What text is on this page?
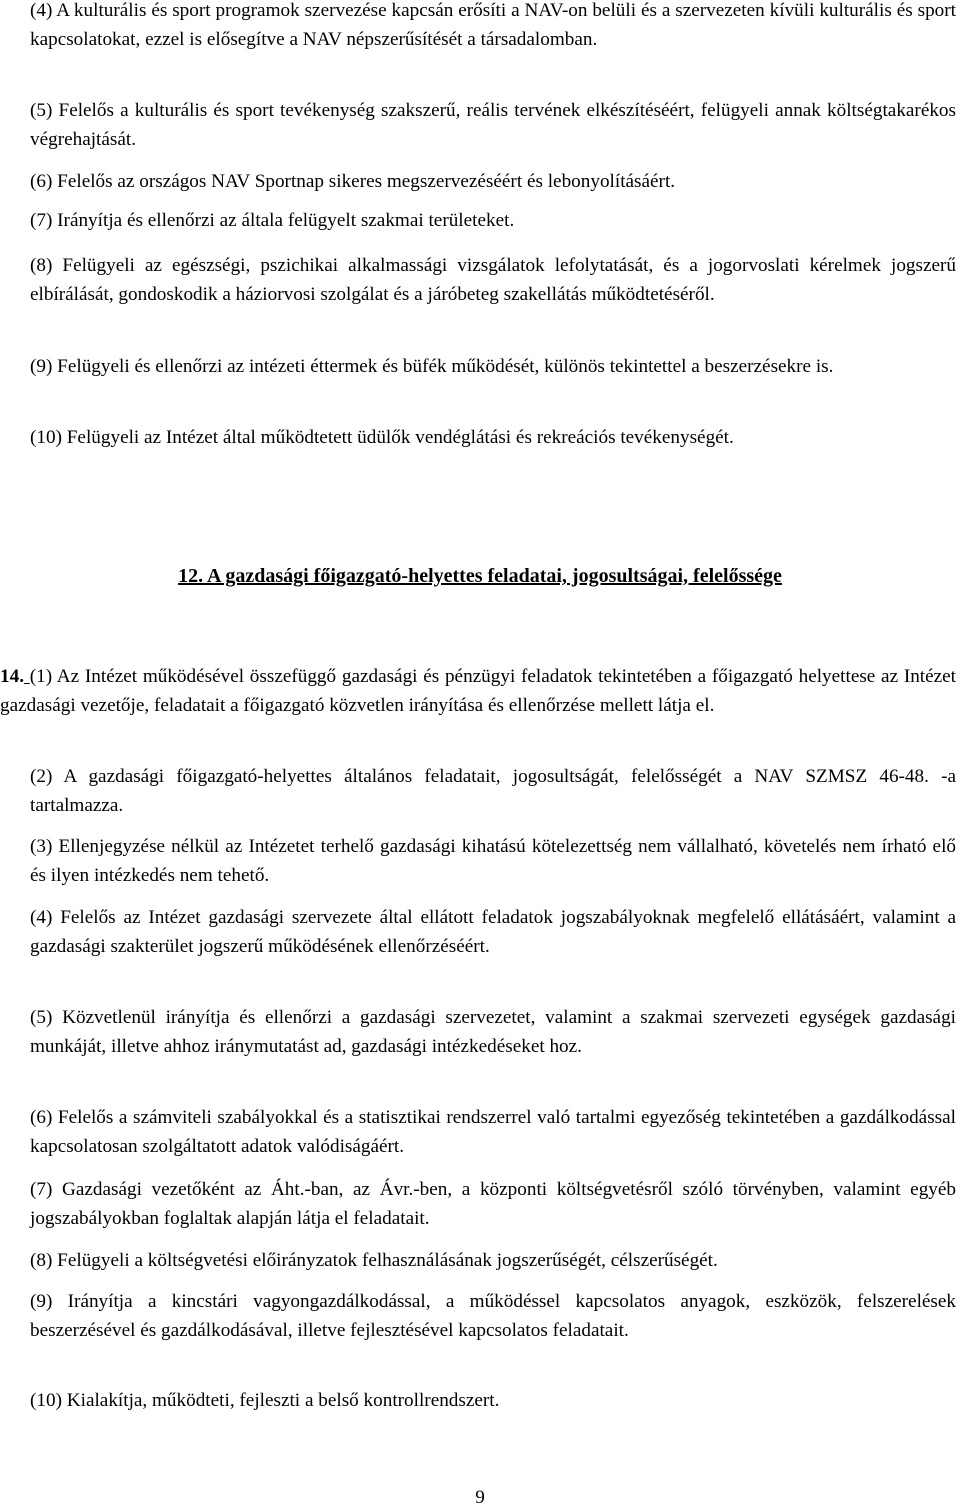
(4) A kulturális és sport programok szervezése kapcsán erősíti a NAV-on belüli és a szervezeten kívüli kulturális és sport kapcsolatokat, ezzel is elősegítve a NAV népszerűsítését a társadalomban.

(5) Felelős a kulturális és sport tevékenység szakszerű, reális tervének elkészítéséért, felügyeli annak költségtakarékos végrehajtását.

(6) Felelős az országos NAV Sportnap sikeres megszervezéséért és lebonyolításáért.

(7) Irányítja és ellenőrzi az általa felügyelt szakmai területeket.

(8) Felügyeli az egészségi, pszichikai alkalmassági vizsgálatok lefolytatását, és a jogorvoslati kérelmek jogszerű elbírálását, gondoskodik a háziorvosi szolgálat és a járóbeteg szakellátás működtetéséről.

(9) Felügyeli és ellenőrzi az intézeti éttermek és büfék működését, különös tekintettel a beszerzésekre is.

(10) Felügyeli az Intézet által működtetett üdülők vendéglátási és rekreációs tevékenységét.

12. A gazdasági főigazgató-helyettes feladatai, jogosultságai, felelőssége

14. (1) Az Intézet működésével összefüggő gazdasági és pénzügyi feladatok tekintetében a főigazgató helyettese az Intézet gazdasági vezetője, feladatait a főigazgató közvetlen irányítása és ellenőrzése mellett látja el.

(2) A gazdasági főigazgató-helyettes általános feladatait, jogosultságát, felelősségét a NAV SZMSZ 46-48. -a tartalmazza.

(3) Ellenjegyzése nélkül az Intézetet terhelő gazdasági kihatású kötelezettség nem vállalható, követelés nem írható elő és ilyen intézkedés nem tehető.

(4) Felelős az Intézet gazdasági szervezete által ellátott feladatok jogszabályoknak megfelelő ellátásáért, valamint a gazdasági szakterület jogszerű működésének ellenőrzéséért.

(5) Közvetlenül irányítja és ellenőrzi a gazdasági szervezetet, valamint a szakmai szervezeti egységek gazdasági munkáját, illetve ahhoz iránymutatást ad, gazdasági intézkedéseket hoz.

(6) Felelős a számviteli szabályokkal és a statisztikai rendszerrel való tartalmi egyezőség tekintetében a gazdálkodással kapcsolatosan szolgáltatott adatok valódiságáért.

(7) Gazdasági vezetőként az Áht.-ban, az Ávr.-ben, a központi költségvetésről szóló törvényben, valamint egyéb jogszabályokban foglaltak alapján látja el feladatait.

(8) Felügyeli a költségvetési előirányzatok felhasználásának jogszerűségét, célszerűségét.

(9) Irányítja a kincstári vagyongazdálkodással, a működéssel kapcsolatos anyagok, eszközök, felszerelések beszerzésével és gazdálkodásával, illetve fejlesztésével kapcsolatos feladatait.

(10) Kialakítja, működteti, fejleszti a belső kontrollrendszert.

9
